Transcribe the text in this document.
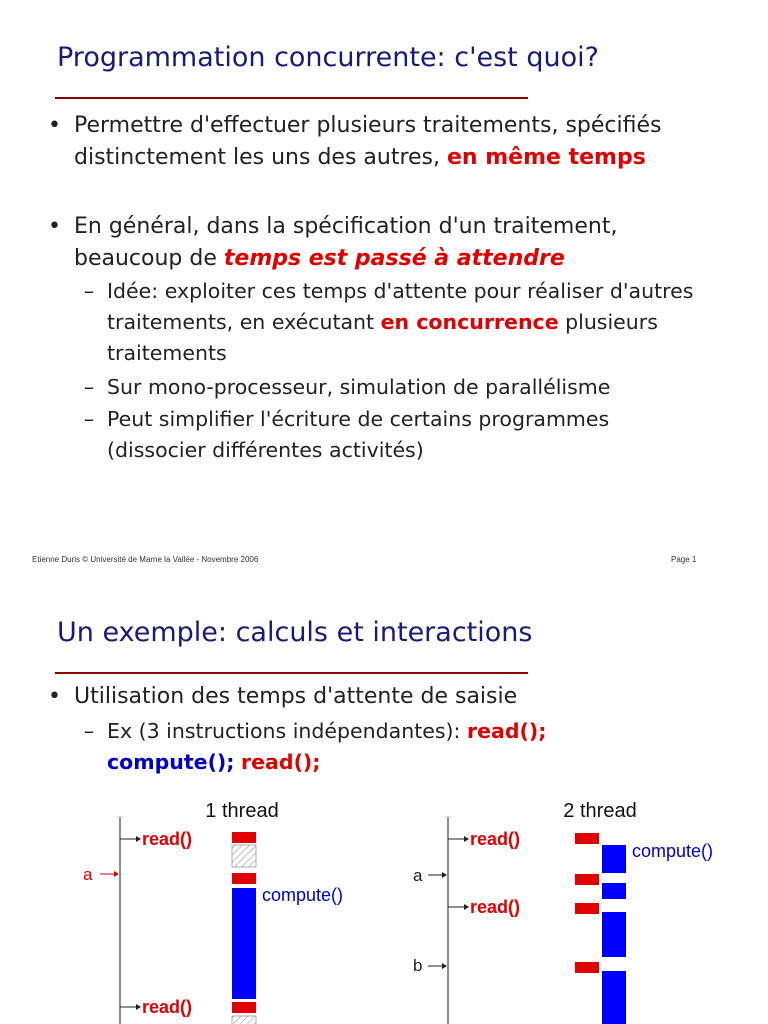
Programmation concurrente: c'est quoi?
• Permettre d'effectuer plusieurs traitements, spécifiés distinctement les uns des autres, en même temps
• En général, dans la spécification d'un traitement, beaucoup de temps est passé à attendre
– Idée: exploiter ces temps d'attente pour réaliser d'autres traitements, en exécutant en concurrence plusieurs traitements
– Sur mono-processeur, simulation de parallélisme
– Peut simplifier l'écriture de certains programmes (dissocier différentes activités)
Etienne Duris © Université de Marne la Vallée - Novembre 2006	Page 1
Un exemple: calculs et interactions
• Utilisation des temps d'attente de saisie
– Ex (3 instructions indépendantes): read(); compute(); read();
1 thread
read()
a
read()
compute()
2 thread
read()
a
read()
b
compute()
